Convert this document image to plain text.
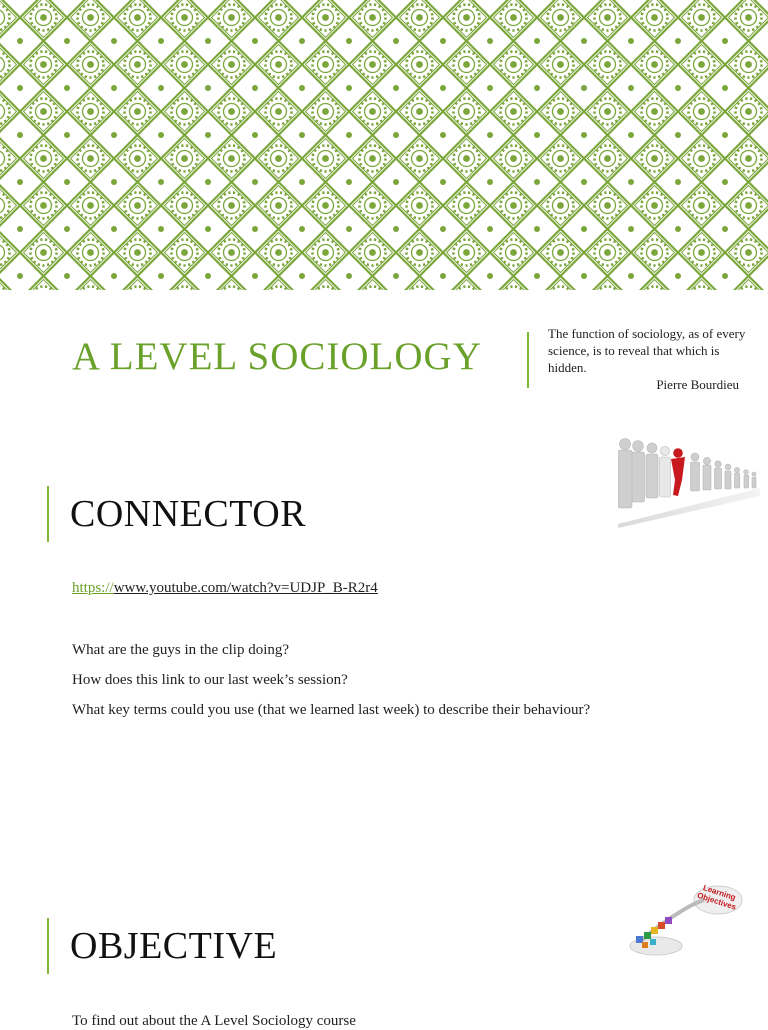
A LEVEL SOCIOLOGY
The function of sociology, as of every science, is to reveal that which is hidden.
Pierre Bourdieu
CONNECTOR
https://www.youtube.com/watch?v=UDJP_B-R2r4
What are the guys in the clip doing?
How does this link to our last week’s session?
What key terms could you use (that we learned last week) to describe their behaviour?
OBJECTIVE
Learning Objectives
To find out about the A Level Sociology course
